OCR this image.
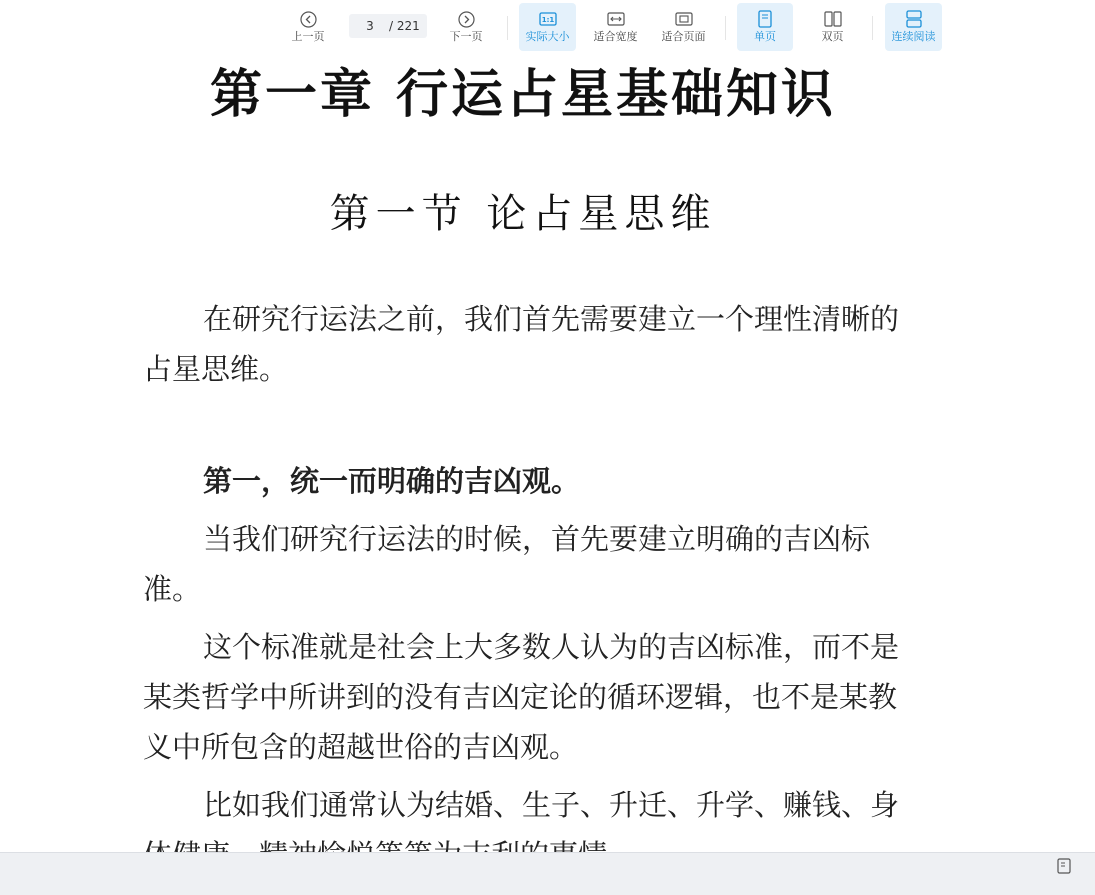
第一章 行运占星基础知识
第一节 论占星思维

在研究行运法之前，我们首先需要建立一个理性清晰的占星思维。

第一，统一而明确的吉凶观。

当我们研究行运法的时候，首先要建立明确的吉凶标准。

这个标准就是社会上大多数人认为的吉凶标准，而不是某类哲学中所讲到的没有吉凶定论的循环逻辑，也不是某教义中所包含的超越世俗的吉凶观。

比如我们通常认为结婚、生子、升迁、升学、赚钱、身

上一页
3
/ 221
下一页
1:1
实际大小 适合宽度 适合页面	单页	双页	连续阅读
